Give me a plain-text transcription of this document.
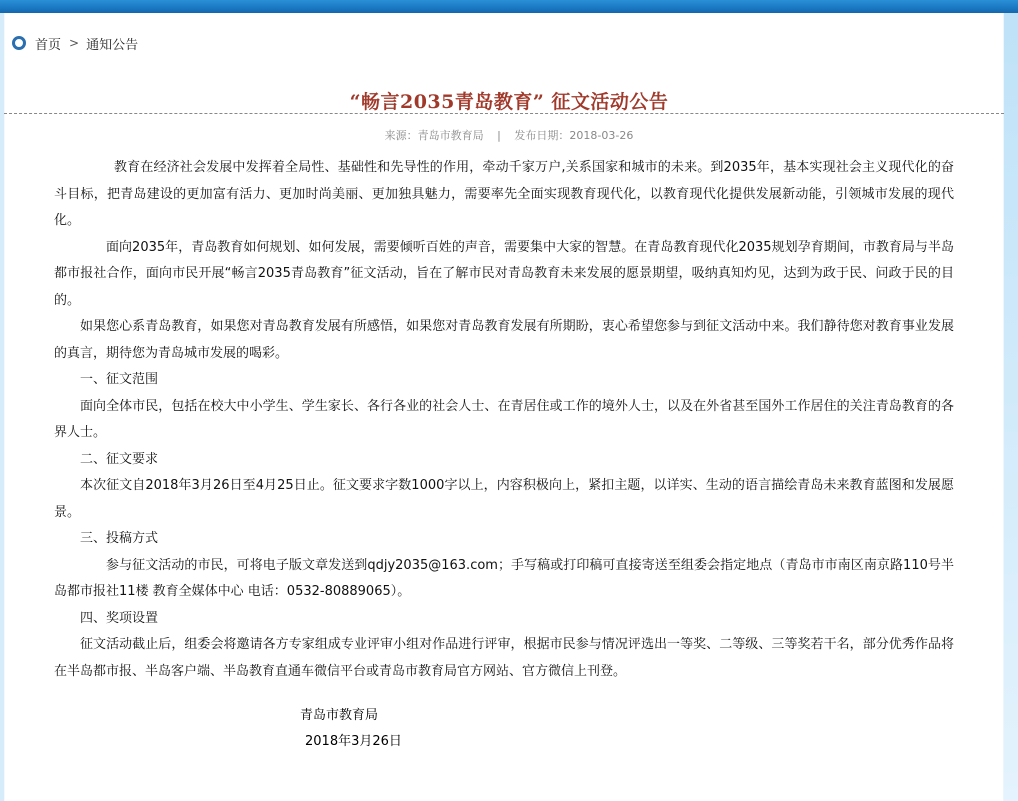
首页 > 通知公告
“畅言2035青岛教育” 征文活动公告
来源：青岛市教育局 | 发布日期：2018-03-26

教育在经济社会发展中发挥着全局性、基础性和先导性的作用，牵动千家万户,关系国家和城市的未来。到2035年，基本实现社会主义现代化的奋斗目标，把青岛建设的更加富有活力、更加时尚美丽、更加独具魅力，需要率先全面实现教育现代化，以教育现代化提供发展新动能，引领城市发展的现代化。

面向2035年，青岛教育如何规划、如何发展，需要倾听百姓的声音，需要集中大家的智慧。在青岛教育现代化2035规划孕育期间，市教育局与半岛都市报社合作，面向市民开展“畅言2035青岛教育”征文活动，旨在了解市民对青岛教育未来发展的愿景期望，吸纳真知灼见，达到为政于民、问政于民的目的。

如果您心系青岛教育，如果您对青岛教育发展有所感悟，如果您对青岛教育发展有所期盼，衷心希望您参与到征文活动中来。我们静待您对教育事业发展的真言，期待您为青岛城市发展的喝彩。

一、征文范围

面向全体市民，包括在校大中小学生、学生家长、各行各业的社会人士、在青居住或工作的境外人士，以及在外省甚至国外工作居住的关注青岛教育的各界人士。

二、征文要求

本次征文自2018年3月26日至4月25日止。征文要求字数1000字以上，内容积极向上，紧扣主题，以详实、生动的语言描绘青岛未来教育蓝图和发展愿景。

三、投稿方式

参与征文活动的市民，可将电子版文章发送到qdjy2035@163.com；手写稿或打印稿可直接寄送至组委会指定地点（青岛市市南区南京路110号半岛都市报社11楼 教育全媒体中心 电话：0532-80889065）。

四、奖项设置

征文活动截止后，组委会将邀请各方专家组成专业评审小组对作品进行评审，根据市民参与情况评选出一等奖、二等级、三等奖若干名，部分优秀作品将在半岛都市报、半岛客户端、半岛教育直通车微信平台或青岛市教育局官方网站、官方微信上刊登。

青岛市教育局
2018年3月26日
